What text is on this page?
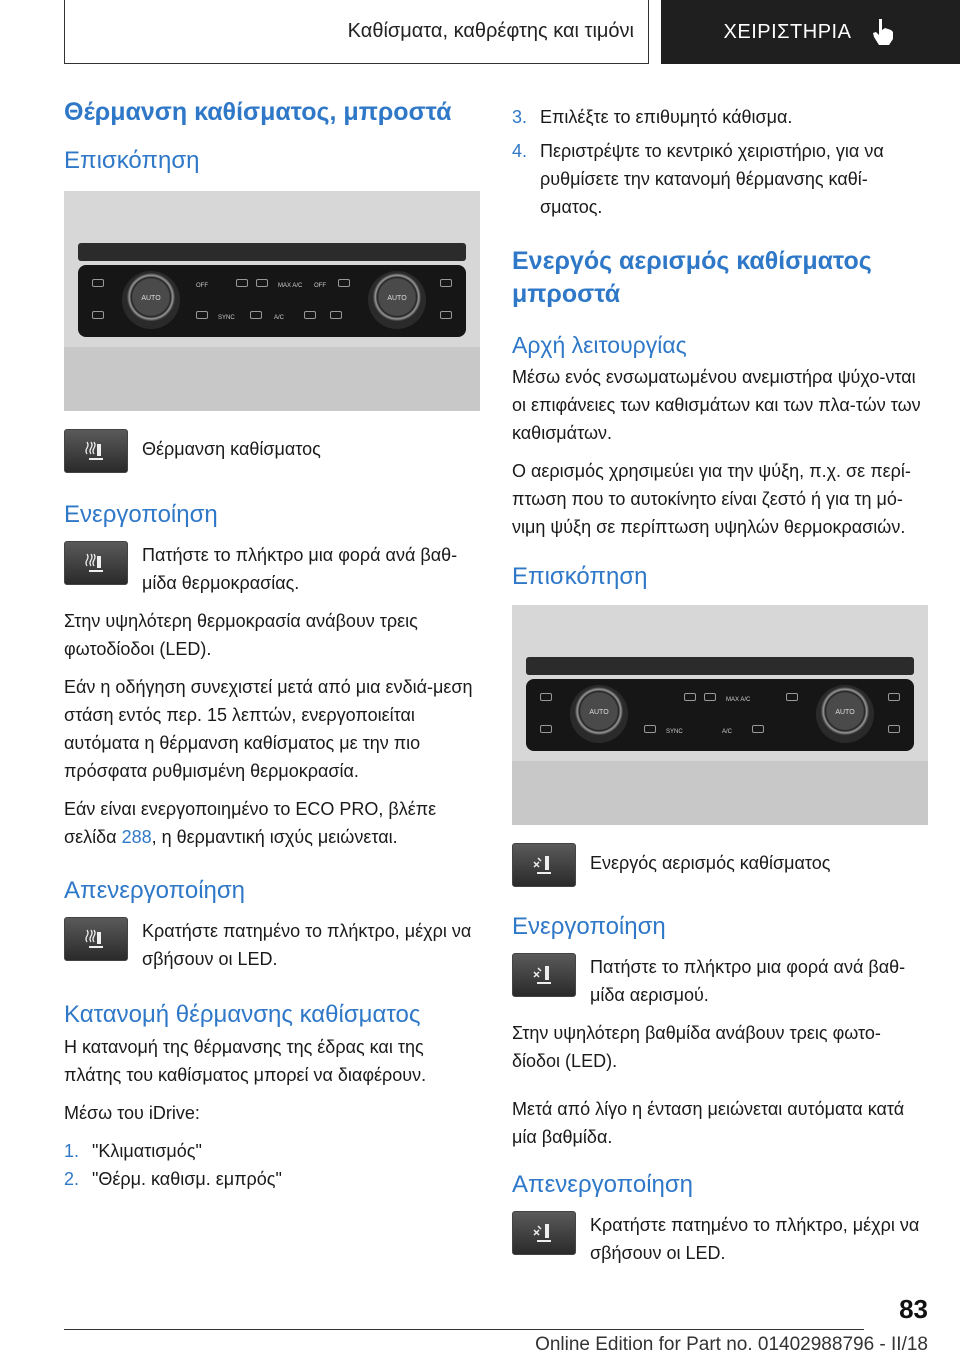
Καθίσματα, καθρέφτης και τιμόνι	ΧΕΙΡΙΣΤΗΡΙΑ
Θέρμανση καθίσματος, μπροστά
Επισκόπηση
AUTO	AUTO
OFF	MAX A/C OFF
SYNC	A/C

Θέρμανση καθίσματος

Ενεργοποίηση

Πατήστε το πλήκτρο μια φορά ανά βαθ-μίδα θερμοκρασίας.

Στην υψηλότερη θερμοκρασία ανάβουν τρεις φωτοδίοδοι (LED).

Εάν η οδήγηση συνεχιστεί μετά από μια ενδιά-μεση στάση εντός περ. 15 λεπτών, ενεργοποιείται αυτόματα η θέρμανση καθίσματος με την πιο πρόσφατα ρυθμισμένη θερμοκρασία.

Εάν είναι ενεργοποιημένο το ECO PRO, βλέπε σελίδα 288, η θερμαντική ισχύς μειώνεται.

Απενεργοποίηση

Κρατήστε πατημένο το πλήκτρο, μέχρι να σβήσουν οι LED.

Κατανομή θέρμανσης καθίσματος

Η κατανομή της θέρμανσης της έδρας και της πλάτης του καθίσματος μπορεί να διαφέρουν.

Μέσω του iDrive:

1. "Κλιματισμός"
2. "Θέρμ. καθισμ. εμπρός"
3. Επιλέξτε το επιθυμητό κάθισμα.
4. Περιστρέψτε το κεντρικό χειριστήριο, για να ρυθμίσετε την κατανομή θέρμανσης καθί-σματος.
Ενεργός αερισμός καθίσματος μπροστά
Αρχή λειτουργίας

Μέσω ενός ενσωματωμένου ανεμιστήρα ψύχο-νται οι επιφάνειες των καθισμάτων και των πλα-τών των καθισμάτων.

Ο αερισμός χρησιμεύει για την ψύξη, π.χ. σε περί-πτωση που το αυτοκίνητο είναι ζεστό ή για τη μό-νιμη ψύξη σε περίπτωση υψηλών θερμοκρασιών.

Επισκόπηση
AUTO	AUTO
MAX A/C
SYNC	A/C

Ενεργός αερισμός καθίσματος

Ενεργοποίηση

Πατήστε το πλήκτρο μια φορά ανά βαθ-μίδα αερισμού.

Στην υψηλότερη βαθμίδα ανάβουν τρεις φωτο-δίοδοι (LED).

Μετά από λίγο η ένταση μειώνεται αυτόματα κατά μία βαθμίδα.

Απενεργοποίηση

Κρατήστε πατημένο το πλήκτρο, μέχρι να σβήσουν οι LED.

83
Online Edition for Part no. 01402988796 - II/18
